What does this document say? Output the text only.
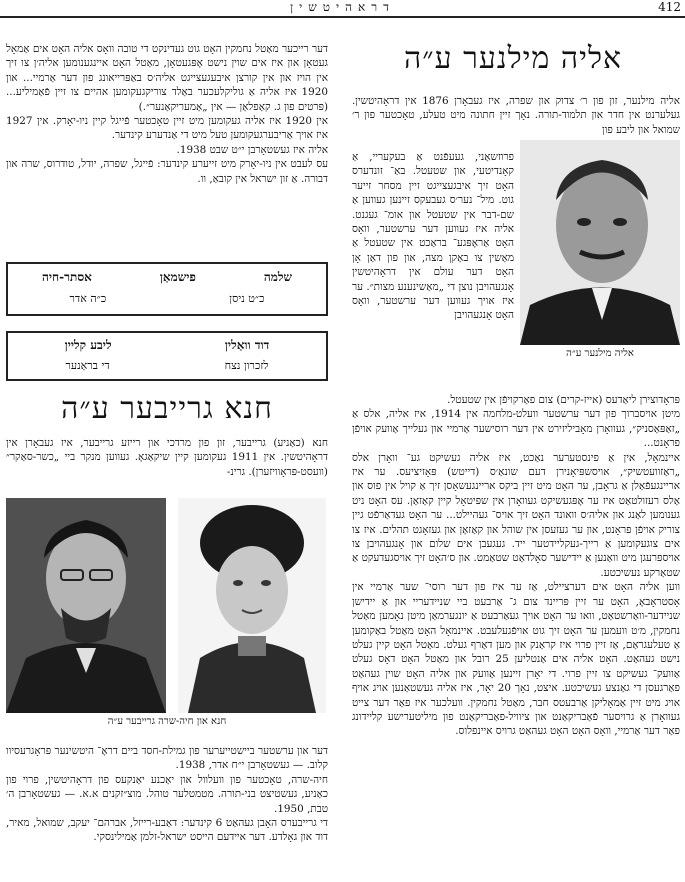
412
דראהיטשין

דער רייכער מאַטל נחמקין האָט גוט געדינקט די טובה וואָס אליה האָט אים אַמאָל געטאָן און איז אים שוין נישט אָפּגעטאָן, מאַטל האָט איינגענומען אליה׳ן צו זיך אין הויז און אין קורצן איבעגעצייגט אליה׳ס באַפּרייאונג פון דער אַרמיי... און 1920 איז אליה אַ גוליקלעכער באַלד צוריקגעקומען אהיים צו זיין פֿאַמיליע... (פּרטים פון ג. קאַפלאַן — אין „אַמעריקאַנער״.)

אין 1920 איז אליה געקומען מיט זיין טאָכטער פֿייגל קיין ניו-יאָרק. אין 1927 איז אויך אַריבערגעקומען טעל מיט די אַנדערע קינדער.

אליה איז געשטאָרבן י״ט שבט 1938.

עס לעבט אין ניו-יאָרק מיט זייערע קינדער: פֿייגל, שפרה, יודל, טודרוס, שרה און דבורה. אַ זון ישראל אין קובאַ, וו.

שלמה
פישמאַן
אסתר-חיה
כ״ט ניסן
כ״ה אדר
דוד וואַלין
ליבע קליין
לזכרון נצח
די בראַנער
חנא גרייבער ע״ה

חנא (כאַניע) גרייבער, זון פון מרדכי און רייזע גרייבער, איז געבאָרן אין דראָהיטשין. אין 1911 געקומען קיין שיקאַגאָ. געווען מנקר ביי „כשר-סאַקר״ (וועסט-פּראָוויזערן). גרינ-

חנא און חיה-שרה גרייבער ע״ה

דער און ערשטער ביישטייערער פון גמילת-חסד ביים דראָ־ היטשינער פּראָגרעסיוו קלוב. — געשטאָרבן י״ח אדר, 1938.

חיה-שרה, טאָכטער פון וועלוול און יאַכנע יאַנקעס פון דראָהיטשין, פרוי פון כאַניע, געשטיצט בני-תורה. מטמטלער טוהל. מוצ״זקנים א.א. — געשטאָרבן ה׳ טבת, 1950.

די גרייבערס האָבן געהאַט 6 קינדער: דאַבע-רייזל, אברהם־ יעקב, שמואל, מאיר, דוד און גאָלדע. דער איידעם הייסט ישראל-זלמן אַמילינסקי.

אליה מילנער ע״ה

אליה מילנער, זון פון ר׳ צדוק און שפרה, איז געבאָרן 1876 אין דראָהיטשין. געלערנט אין חדר און תלמוד-תורה. נאָך זיין חתונה מיט טעלע, טאָכטער פון ר׳ שמואל און ליבע פון

פרוזשאַני, געעפֿנט אַ בעקעריי, אַ קאָנדיטעי, און שטעטל. באַ־ זונדערס האָט זיך איבגעצייגט זיין מסחר זייער גוט. מיל־ נער׳ס געבעקס זיינען געווען אַ שם-דבר אין שטעטל און אומ־ געגנט. אליה איז געווען דער ערשטער, וואָס האָט אַראָפּגע־ בראַכט אין שטעטל אַ מאַשין צו באַקן מצה, און פון דאַן אָן האָט דער עולם אין דראָהיטשין אָנגעהויבן נוצן די „מאַשינענע מצות״. ער איז אויך געווען דער ערשטער, וואָס האָט אָנגעהויבן

אליה מילנער ע״ה

פּראָדוצירן ליאַדעס (אייז-קרים) צום פאַרקויפֿן אין שטעטל.

מיטן אויסברוך פון דער ערשטער וועלט-מלחמה אין 1914, איז אליה, אלס אַ „זאַפּאַסניק״, געוואָרן מאָביליזירט אין דער רוסישער אַרמיי און געלייך אַוועק אויפֿן פראָנט...

איינמאָל, אין אַ פינסטערער נאַכט, איז אליה געשיקט גע־ וואָרן אלס „ראַזוועטשיק״, אויסשפּיאָנירן דעם שונאַ׳ס (דייטש) פּאָזיציעס. ער איז אריינגעפֿאַלן אַ גראָבן, ער האָט מיט זיין ביקס אריינגעשאָסן זיך אַ קויל אין פוס און אַלס רעזולטאַט איז ער אָפּגעשיקט געוואָרן אין שפּיטאָל קיין קאַזאַן. עס האָט ניט גענומען לאַנג און אליה׳ס וואונד האָט זיך אויס־ געהיילט... ער האָט געדאַרפֿט גיין צוריק אויפֿן פראָנט, און ער געזעסן אין שוהל און קאַזאַן און געזאָגט תהלים. איז צו אים צוגעקומען אַ רייך-געקליידטער ייד. געגעבן אים שלום און אָנגעהויבן צו אויספרעגן מיט וואַנען אַ יידישער סאָלדאַט שטאַמט. און ס׳האָט זיך אויסגעדעקט אַ שטאַרקע נעשיכטע.

ווען אליה האָט אים דערציילט, אַז ער איז פון דער רוסי־ שער אַרמיי אין אָסטראָבאָ, האָט ער זיין פּריינד צום ג־ אַרבעט ביי שניידעריי און אַ יידישן שניידער-וואַרשטאַט, וואו ער האָט אויך געאַרבעט אַ יונגערמאַן מיטן נאָמען מאַטל נחמקין, מ׳ט וועמען ער האָט זיך גוט אויפֿגעלעבט. איינמאָל האָט מאַטל באַקומען אַ טעלעגראַם, אַז זיין פרוי איז קראַנק און מען דאַרף געלט. מאַטל האָט קיין געלט נישט געהאַט. האָט אליה אים אַנטליען 25 רובל און מאַטל האָט דאָס געלט אַוועק־ געשיקט צו זיין פרוי. די יאָרן זיינען אַוועק און אליה האָט שוין געהאַט פאַרגעסן די גאַנצע געשיכטע. איצט, נאָך 20 יאָר, איז אליה געשטאַנען אויג אויף אויג מיט זיין אַמאָליקן אַרבעטס חבר, מאַטל נחמקין. וועלכער איז פאַר דער צייט געוואָרן אַ גרויסער פֿאַבריקאַנט און ציוויל-פאַבריקאַנט פון מיליטערישע קליידונג פאַר דער אַרמיי, וואָס האָט האָט געהאַט גרויס איינפלוס.
